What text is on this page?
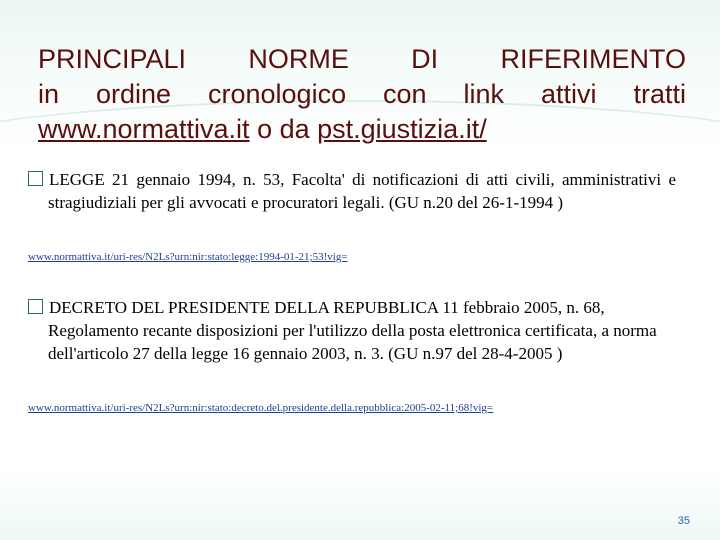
PRINCIPALI NORME DI RIFERIMENTO
in ordine cronologico con link attivi tratti
www.normattiva.it o da pst.giustizia.it/
LEGGE 21 gennaio 1994, n. 53, Facolta' di notificazioni di atti civili, amministrativi e stragiudiziali per gli avvocati e procuratori legali. (GU n.20 del 26-1-1994 )
www.normattiva.it/uri-res/N2Ls?urn:nir:stato:legge:1994-01-21;53!vig=
DECRETO DEL PRESIDENTE DELLA REPUBBLICA 11 febbraio 2005, n. 68, Regolamento recante disposizioni per l'utilizzo della posta elettronica certificata, a norma dell'articolo 27 della legge 16 gennaio 2003, n. 3. (GU n.97 del 28-4-2005 )
www.normattiva.it/uri-res/N2Ls?urn:nir:stato:decreto.del.presidente.della.repubblica:2005-02-11;68!vig=
35
